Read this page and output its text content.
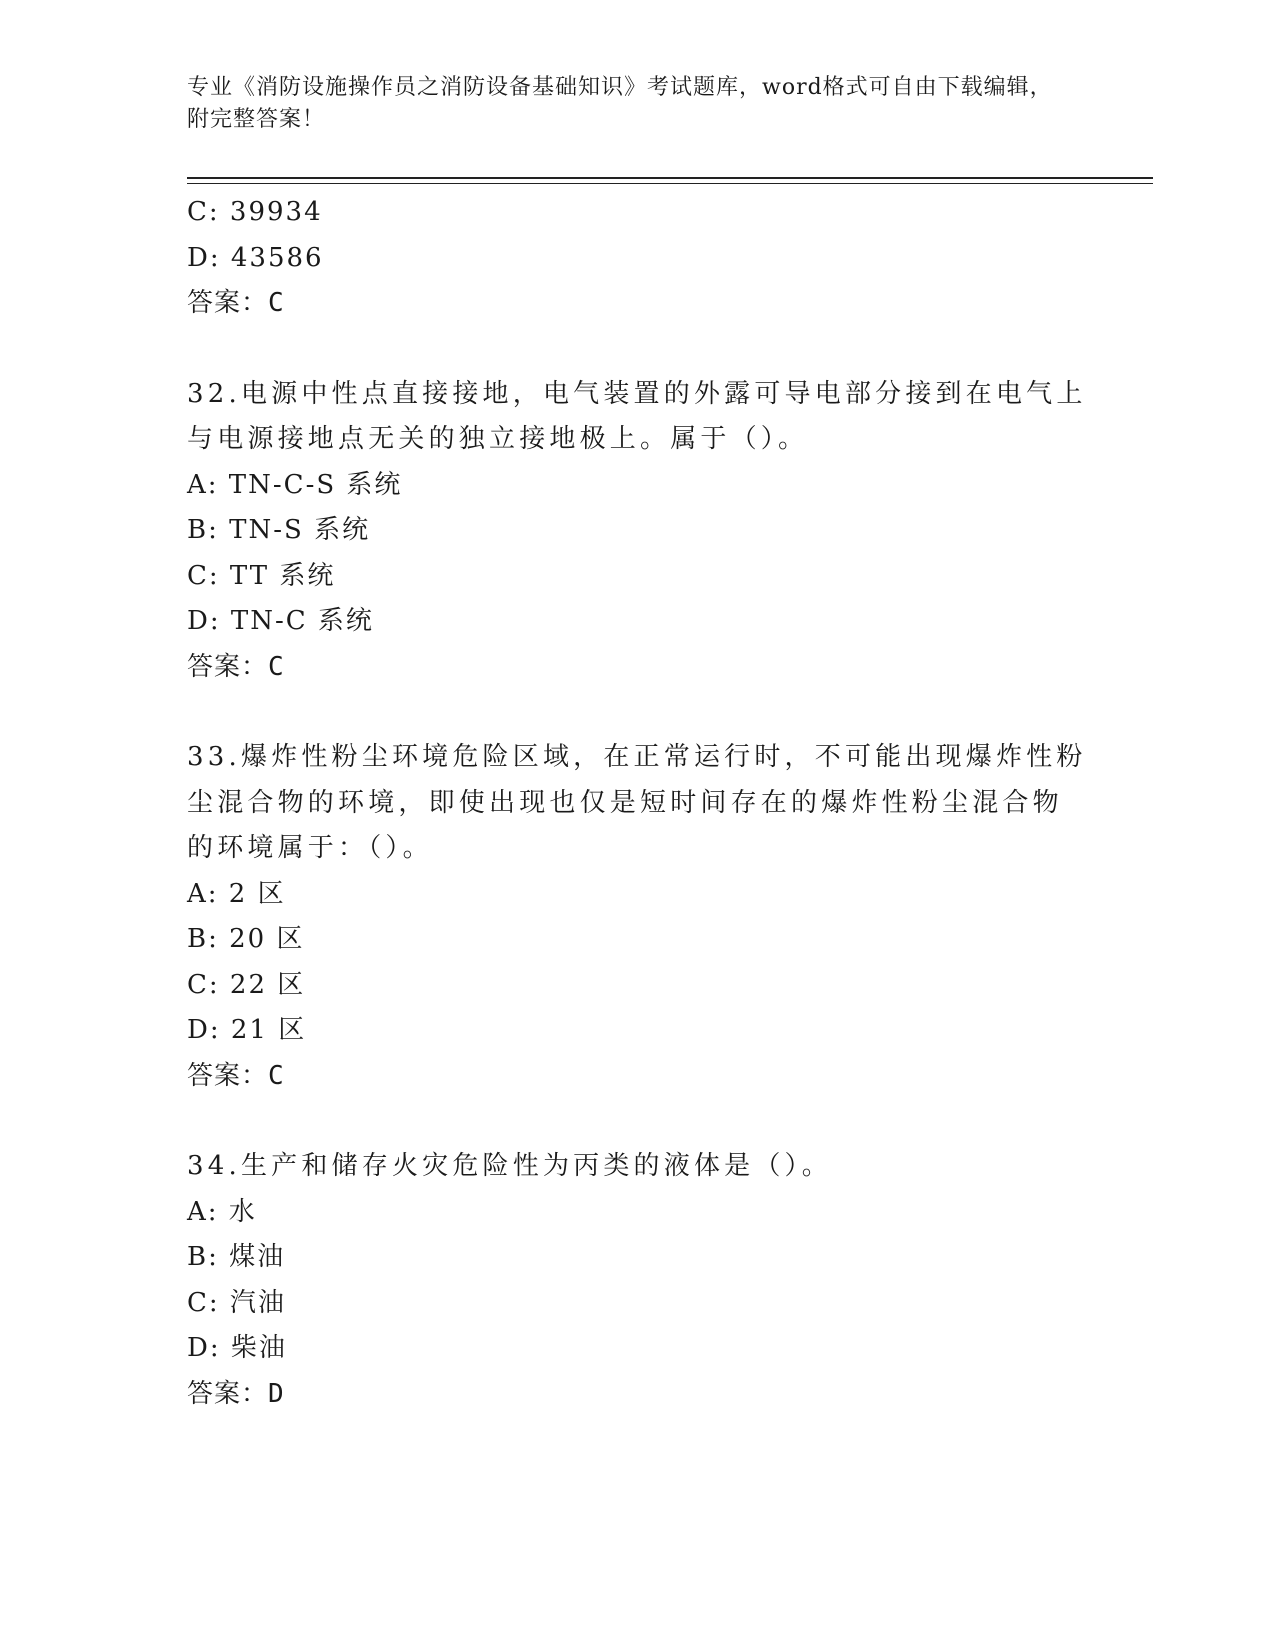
专业《消防设施操作员之消防设备基础知识》考试题库，word格式可自由下载编辑，附完整答案！
C: 39934
D: 43586
答案：C
32.电源中性点直接接地，电气装置的外露可导电部分接到在电气上与电源接地点无关的独立接地极上。属于（）。
A: TN-C-S 系统
B: TN-S 系统
C: TT 系统
D: TN-C 系统
答案：C
33.爆炸性粉尘环境危险区域，在正常运行时，不可能出现爆炸性粉尘混合物的环境，即使出现也仅是短时间存在的爆炸性粉尘混合物的环境属于：（）。
A: 2 区
B: 20 区
C: 22 区
D: 21 区
答案：C
34.生产和储存火灾危险性为丙类的液体是（）。
A: 水
B: 煤油
C: 汽油
D: 柴油
答案：D
